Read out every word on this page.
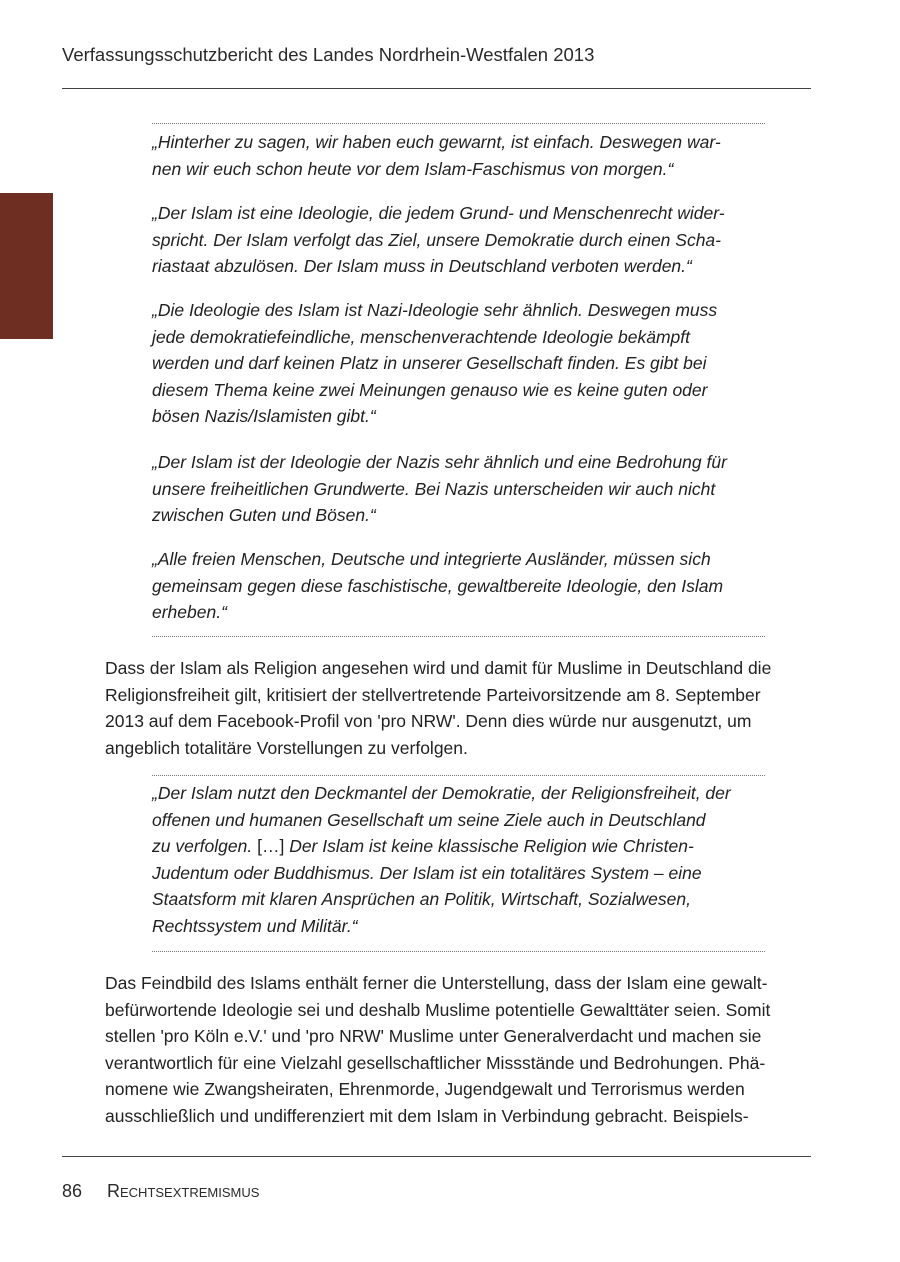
Verfassungsschutzbericht des Landes Nordrhein-Westfalen 2013

„Hinterher zu sagen, wir haben euch gewarnt, ist einfach. Deswegen war-
nen wir euch schon heute vor dem Islam-Faschismus von morgen.“

„Der Islam ist eine Ideologie, die jedem Grund- und Menschenrecht wider-
spricht. Der Islam verfolgt das Ziel, unsere Demokratie durch einen Scha-
riastaat abzulösen. Der Islam muss in Deutschland verboten werden.“

„Die Ideologie des Islam ist Nazi-Ideologie sehr ähnlich. Deswegen muss
jede demokratiefeindliche, menschenverachtende Ideologie bekämpft
werden und darf keinen Platz in unserer Gesellschaft finden. Es gibt bei
diesem Thema keine zwei Meinungen genauso wie es keine guten oder
bösen Nazis/Islamisten gibt.“

„Der Islam ist der Ideologie der Nazis sehr ähnlich und eine Bedrohung für
unsere freiheitlichen Grundwerte. Bei Nazis unterscheiden wir auch nicht
zwischen Guten und Bösen.“

„Alle freien Menschen, Deutsche und integrierte Ausländer, müssen sich
gemeinsam gegen diese faschistische, gewaltbereite Ideologie, den Islam
erheben.“

Dass der Islam als Religion angesehen wird und damit für Muslime in Deutschland die
Religionsfreiheit gilt, kritisiert der stellvertretende Parteivorsitzende am 8. September
2013 auf dem Facebook-Profil von 'pro NRW'. Denn dies würde nur ausgenutzt, um
angeblich totalitäre Vorstellungen zu verfolgen.

„Der Islam nutzt den Deckmantel der Demokratie, der Religionsfreiheit, der
offenen und humanen Gesellschaft um seine Ziele auch in Deutschland
zu verfolgen. […] Der Islam ist keine klassische Religion wie Christen-
Judentum oder Buddhismus. Der Islam ist ein totalitäres System – eine
Staatsform mit klaren Ansprüchen an Politik, Wirtschaft, Sozialwesen,
Rechtssystem und Militär.“

Das Feindbild des Islams enthält ferner die Unterstellung, dass der Islam eine gewalt-
befürwortende Ideologie sei und deshalb Muslime potentielle Gewalttäter seien. Somit
stellen 'pro Köln e.V.' und 'pro NRW' Muslime unter Generalverdacht und machen sie
verantwortlich für eine Vielzahl gesellschaftlicher Missstände und Bedrohungen. Phä-
nomene wie Zwangsheiraten, Ehrenmorde, Jugendgewalt und Terrorismus werden
ausschließlich und undifferenziert mit dem Islam in Verbindung gebracht. Beispiels-

86 Rechtsextremismus
